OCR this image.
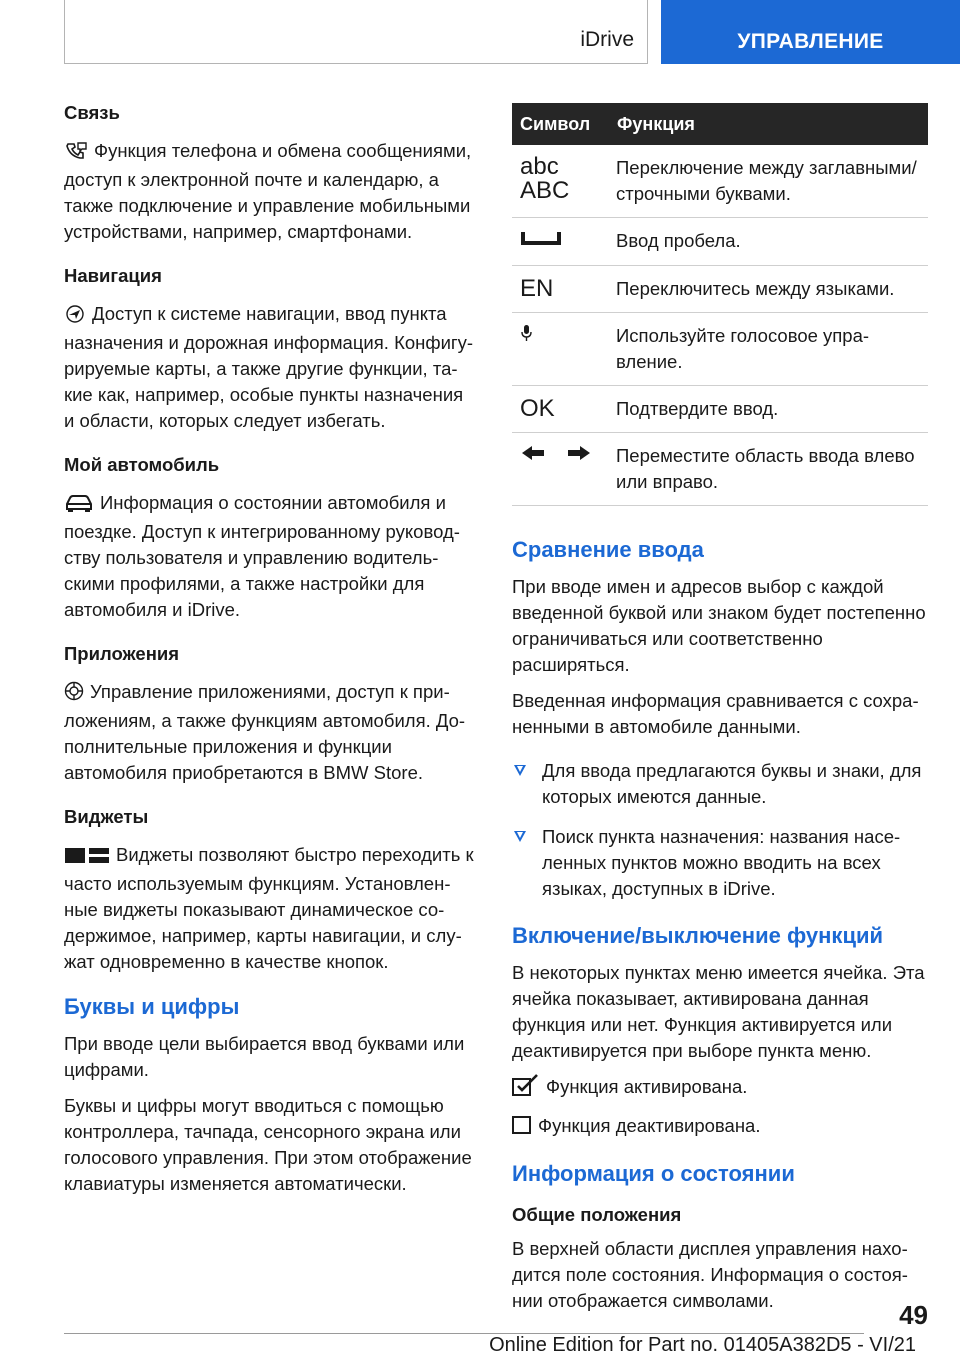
iDrive	УПРАВЛЕНИЕ
Связь
Функция телефона и обмена сообщениями, доступ к электронной почте и календарю, а также подключение и управление мобильными устройствами, например, смартфонами.
Навигация
Доступ к системе навигации, ввод пункта назначения и дорожная информация. Конфигурируемые карты, а также другие функции, такие как, например, особые пункты назначения и области, которых следует избегать.
Мой автомобиль
Информация о состоянии автомобиля и поездке. Доступ к интегрированному руководству пользователя и управлению водительскими профилями, а также настройки для автомобиля и iDrive.
Приложения
Управление приложениями, доступ к приложениям, а также функциям автомобиля. Дополнительные приложения и функции автомобиля приобретаются в BMW Store.
Виджеты
Виджеты позволяют быстро переходить к часто используемым функциям. Установленные виджеты показывают динамическое содержимое, например, карты навигации, и служат одновременно в качестве кнопок.
Буквы и цифры
При вводе цели выбирается ввод буквами или цифрами.
Буквы и цифры могут вводиться с помощью контроллера, тачпада, сенсорного экрана или голосового управления. При этом отображение клавиатуры изменяется автоматически.
Символ	Функция

abc
ABC	Переключение между заглавными/строчными буквами.
	Ввод пробела.
EN	Переключитесь между языками.
	Используйте голосовое управление.
OK	Подтвердите ввод.
	Переместите область ввода влево или вправо.
Сравнение ввода
При вводе имен и адресов выбор с каждой введенной буквой или знаком будет постепенно ограничиваться или соответственно расширяться.
Введенная информация сравнивается с сохраненными в автомобиле данными.
Для ввода предлагаются буквы и знаки, для которых имеются данные.
Поиск пункта назначения: названия населенных пунктов можно вводить на всех языках, доступных в iDrive.
Включение/выключение функций
В некоторых пунктах меню имеется ячейка. Эта ячейка показывает, активирована данная функция или нет. Функция активируется или деактивируется при выборе пункта меню.
Функция активирована.
Функция деактивирована.
Информация о состоянии
Общие положения
В верхней области дисплея управления находится поле состояния. Информация о состоянии отображается символами.	49
Online Edition for Part no. 01405A382D5 - VI/21
